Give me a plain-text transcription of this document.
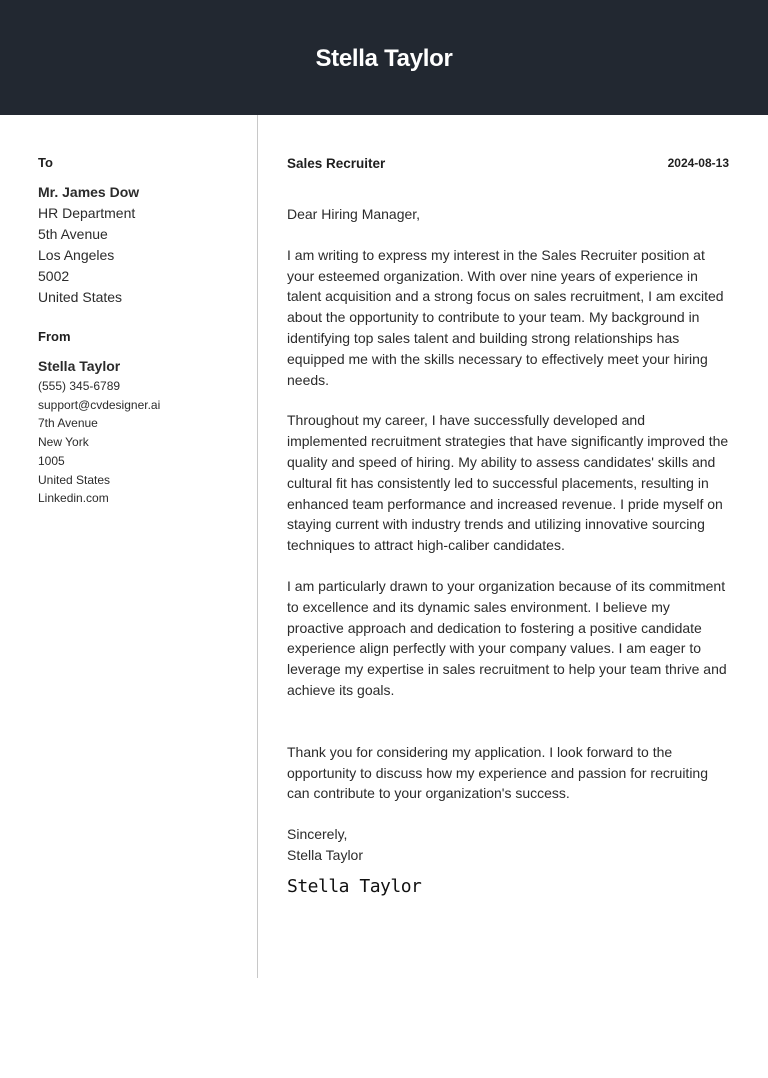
Stella Taylor
To
Mr. James Dow
HR Department
5th Avenue
Los Angeles
5002
United States
From
Stella Taylor
(555) 345-6789
support@cvdesigner.ai
7th Avenue
New York
1005
United States
Linkedin.com
Sales Recruiter	2024-08-13

Dear Hiring Manager,

I am writing to express my interest in the Sales Recruiter position at your esteemed organization. With over nine years of experience in talent acquisition and a strong focus on sales recruitment, I am excited about the opportunity to contribute to your team. My background in identifying top sales talent and building strong relationships has equipped me with the skills necessary to effectively meet your hiring needs.

Throughout my career, I have successfully developed and implemented recruitment strategies that have significantly improved the quality and speed of hiring. My ability to assess candidates' skills and cultural fit has consistently led to successful placements, resulting in enhanced team performance and increased revenue. I pride myself on staying current with industry trends and utilizing innovative sourcing techniques to attract high-caliber candidates.

I am particularly drawn to your organization because of its commitment to excellence and its dynamic sales environment. I believe my proactive approach and dedication to fostering a positive candidate experience align perfectly with your company values. I am eager to leverage my expertise in sales recruitment to help your team thrive and achieve its goals.

Thank you for considering my application. I look forward to the opportunity to discuss how my experience and passion for recruiting can contribute to your organization's success.

Sincerely,

Stella Taylor

Stella Taylor
